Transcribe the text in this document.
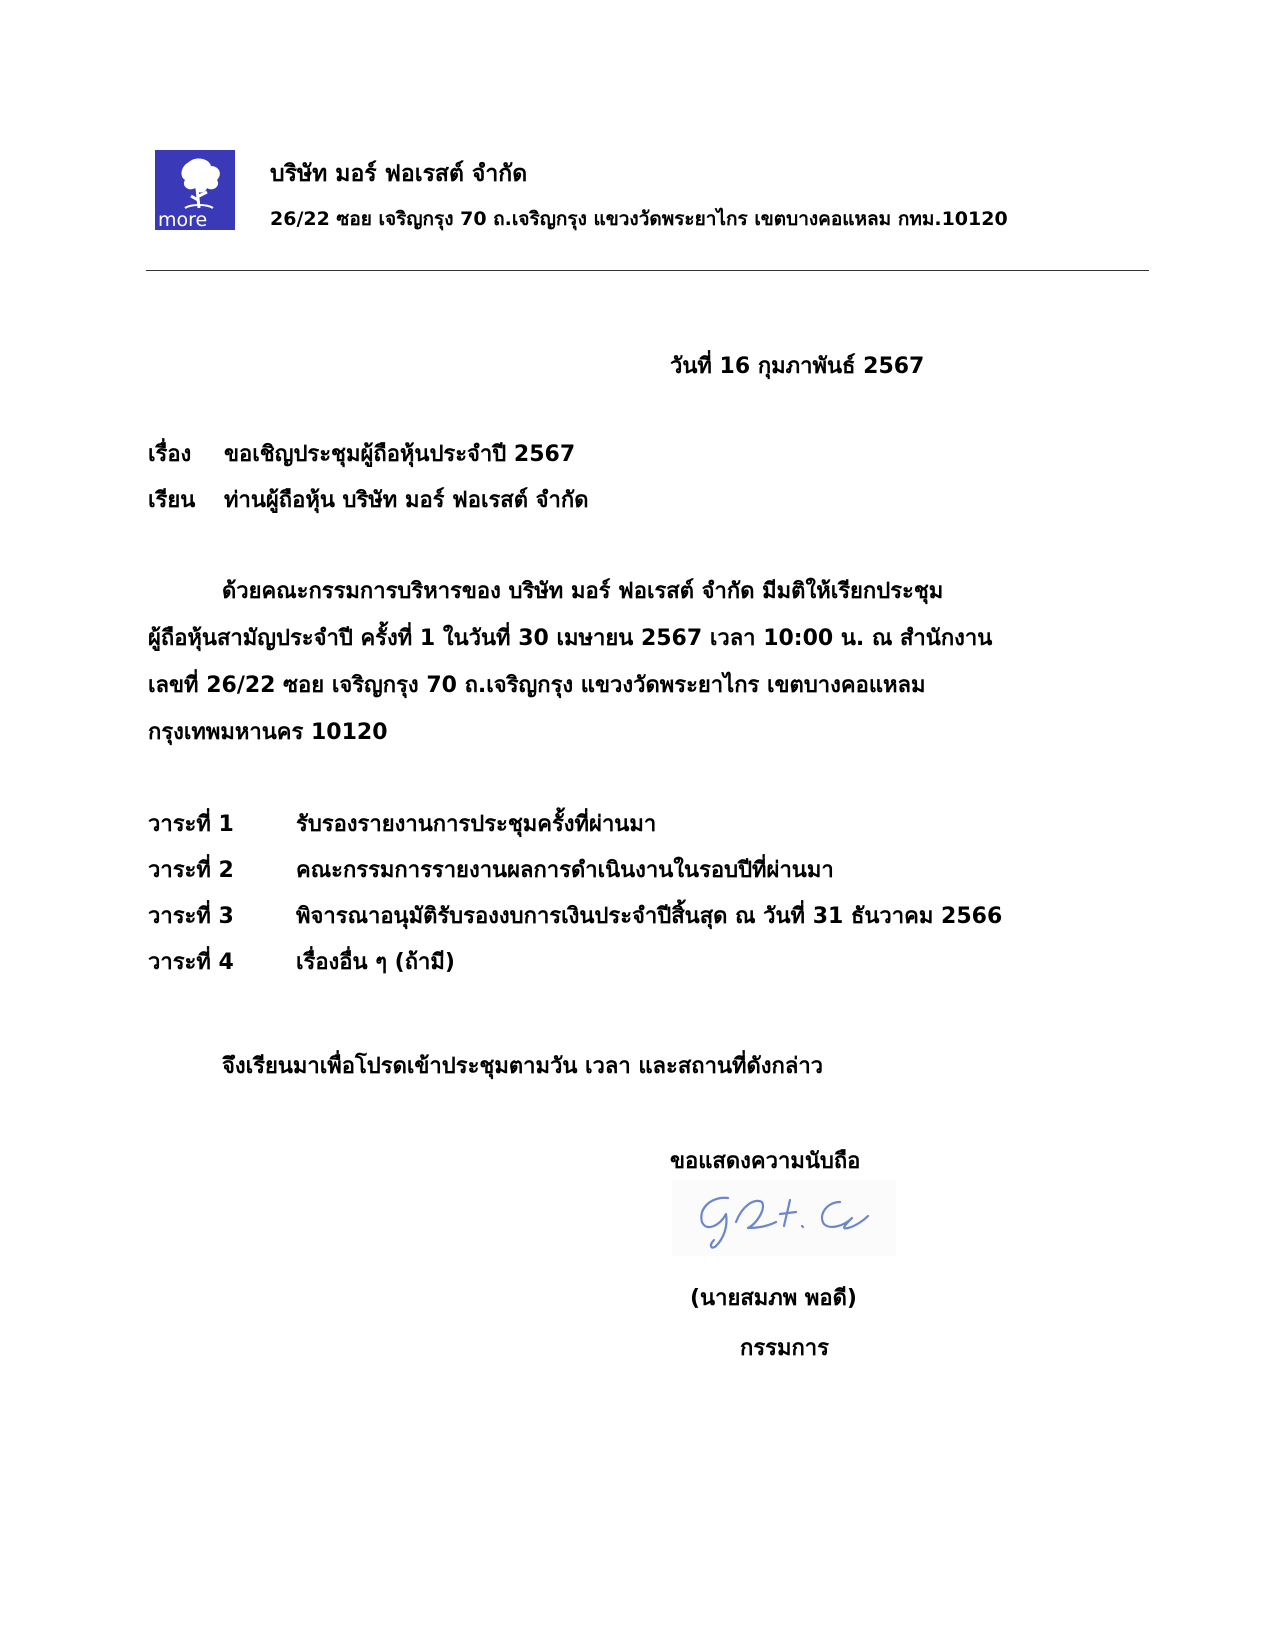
more
บริษัท มอร์ ฟอเรสต์ จำกัด
26/22 ซอย เจริญกรุง 70 ถ.เจริญกรุง แขวงวัดพระยาไกร เขตบางคอแหลม กทม.10120
วันที่ 16 กุมภาพันธ์ 2567
เรื่อง ขอเชิญประชุมผู้ถือหุ้นประจำปี 2567
เรียน ท่านผู้ถือหุ้น บริษัท มอร์ ฟอเรสต์ จำกัด
ด้วยคณะกรรมการบริหารของ บริษัท มอร์ ฟอเรสต์ จำกัด มีมติให้เรียกประชุม
ผู้ถือหุ้นสามัญประจำปี ครั้งที่ 1 ในวันที่ 30 เมษายน 2567 เวลา 10:00 น. ณ สำนักงาน
เลขที่ 26/22 ซอย เจริญกรุง 70 ถ.เจริญกรุง แขวงวัดพระยาไกร เขตบางคอแหลม
กรุงเทพมหานคร 10120
วาระที่ 1	รับรองรายงานการประชุมครั้งที่ผ่านมา
วาระที่ 2	คณะกรรมการรายงานผลการดำเนินงานในรอบปีที่ผ่านมา
วาระที่ 3	พิจารณาอนุมัติรับรองงบการเงินประจำปีสิ้นสุด ณ วันที่ 31 ธันวาคม 2566
วาระที่ 4	เรื่องอื่น ๆ (ถ้ามี)
จึงเรียนมาเพื่อโปรดเข้าประชุมตามวัน เวลา และสถานที่ดังกล่าว
ขอแสดงความนับถือ
(นายสมภพ พอดี)
กรรมการ
